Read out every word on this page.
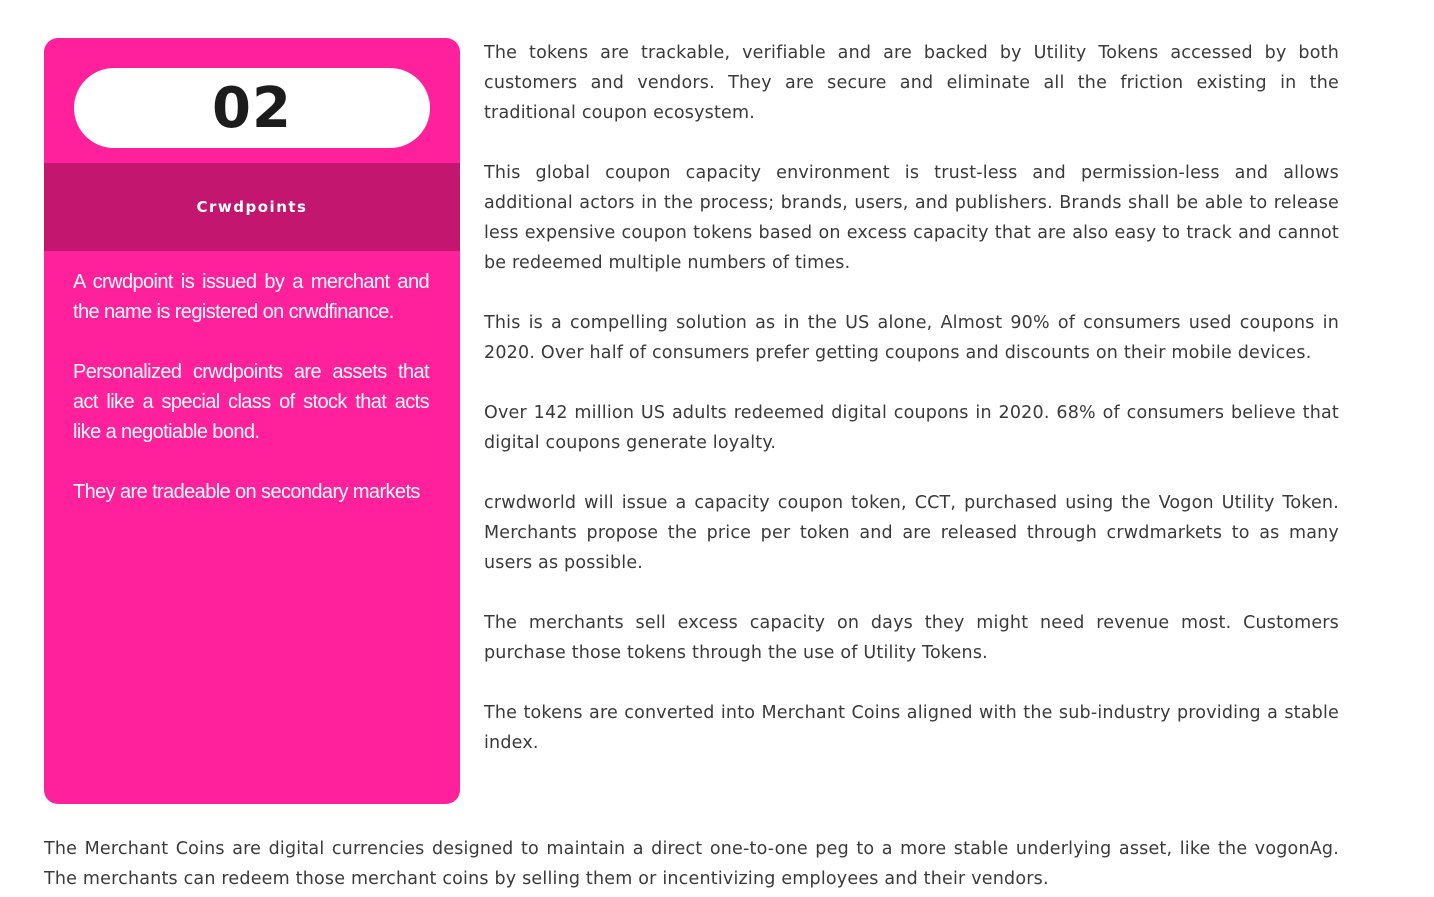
02
Crwdpoints

A crwdpoint is issued by a merchant and the name is registered on crwdfinance.

Personalized crwdpoints are assets that act like a special class of stock that acts like a negotiable bond.

They are tradeable on secondary markets

The tokens are trackable, verifiable and are backed by Utility Tokens accessed by both customers and vendors. They are secure and eliminate all the friction existing in the traditional coupon ecosystem.

This global coupon capacity environment is trust-less and permission-less and allows additional actors in the process; brands, users, and publishers. Brands shall be able to release less expensive coupon tokens based on excess capacity that are also easy to track and cannot be redeemed multiple numbers of times.

This is a compelling solution as in the US alone, Almost 90% of consumers used coupons in 2020. Over half of consumers prefer getting coupons and discounts on their mobile devices.

Over 142 million US adults redeemed digital coupons in 2020. 68% of consumers believe that digital coupons generate loyalty.

crwdworld will issue a capacity coupon token, CCT, purchased using the Vogon Utility Token. Merchants propose the price per token and are released through crwdmarkets to as many users as possible.

The merchants sell excess capacity on days they might need revenue most. Customers purchase those tokens through the use of Utility Tokens.

The tokens are converted into Merchant Coins aligned with the sub-industry providing a stable index.

The Merchant Coins are digital currencies designed to maintain a direct one-to-one peg to a more stable underlying asset, like the vogonAg. The merchants can redeem those merchant coins by selling them or incentivizing employees and their vendors.
